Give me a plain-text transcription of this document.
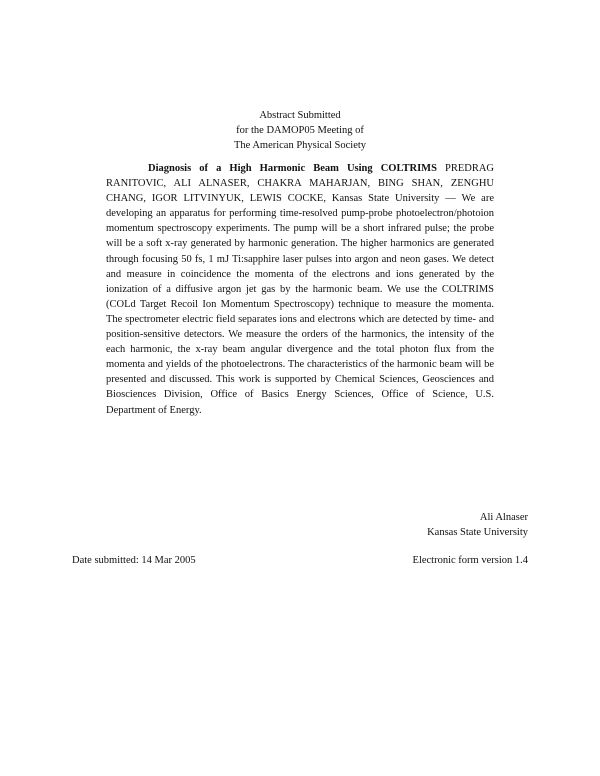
Abstract Submitted
for the DAMOP05 Meeting of
The American Physical Society
Diagnosis of a High Harmonic Beam Using COLTRIMS PREDRAG RANITOVIC, ALI ALNASER, CHAKRA MAHARJAN, BING SHAN, ZENGHU CHANG, IGOR LITVINYUK, LEWIS COCKE, Kansas State University — We are developing an apparatus for performing time-resolved pump-probe photoelectron/photoion momentum spectroscopy experiments. The pump will be a short infrared pulse; the probe will be a soft x-ray generated by harmonic generation. The higher harmonics are generated through focusing 50 fs, 1 mJ Ti:sapphire laser pulses into argon and neon gases. We detect and measure in coincidence the momenta of the electrons and ions generated by the ionization of a diffusive argon jet gas by the harmonic beam. We use the COLTRIMS (COLd Target Recoil Ion Momentum Spectroscopy) technique to measure the momenta. The spectrometer electric field separates ions and electrons which are detected by time- and position-sensitive detectors. We measure the orders of the harmonics, the intensity of the each harmonic, the x-ray beam angular divergence and the total photon flux from the momenta and yields of the photoelectrons. The characteristics of the harmonic beam will be presented and discussed. This work is supported by Chemical Sciences, Geosciences and Biosciences Division, Office of Basics Energy Sciences, Office of Science, U.S. Department of Energy.
Ali Alnaser
Kansas State University
Date submitted: 14 Mar 2005	Electronic form version 1.4
